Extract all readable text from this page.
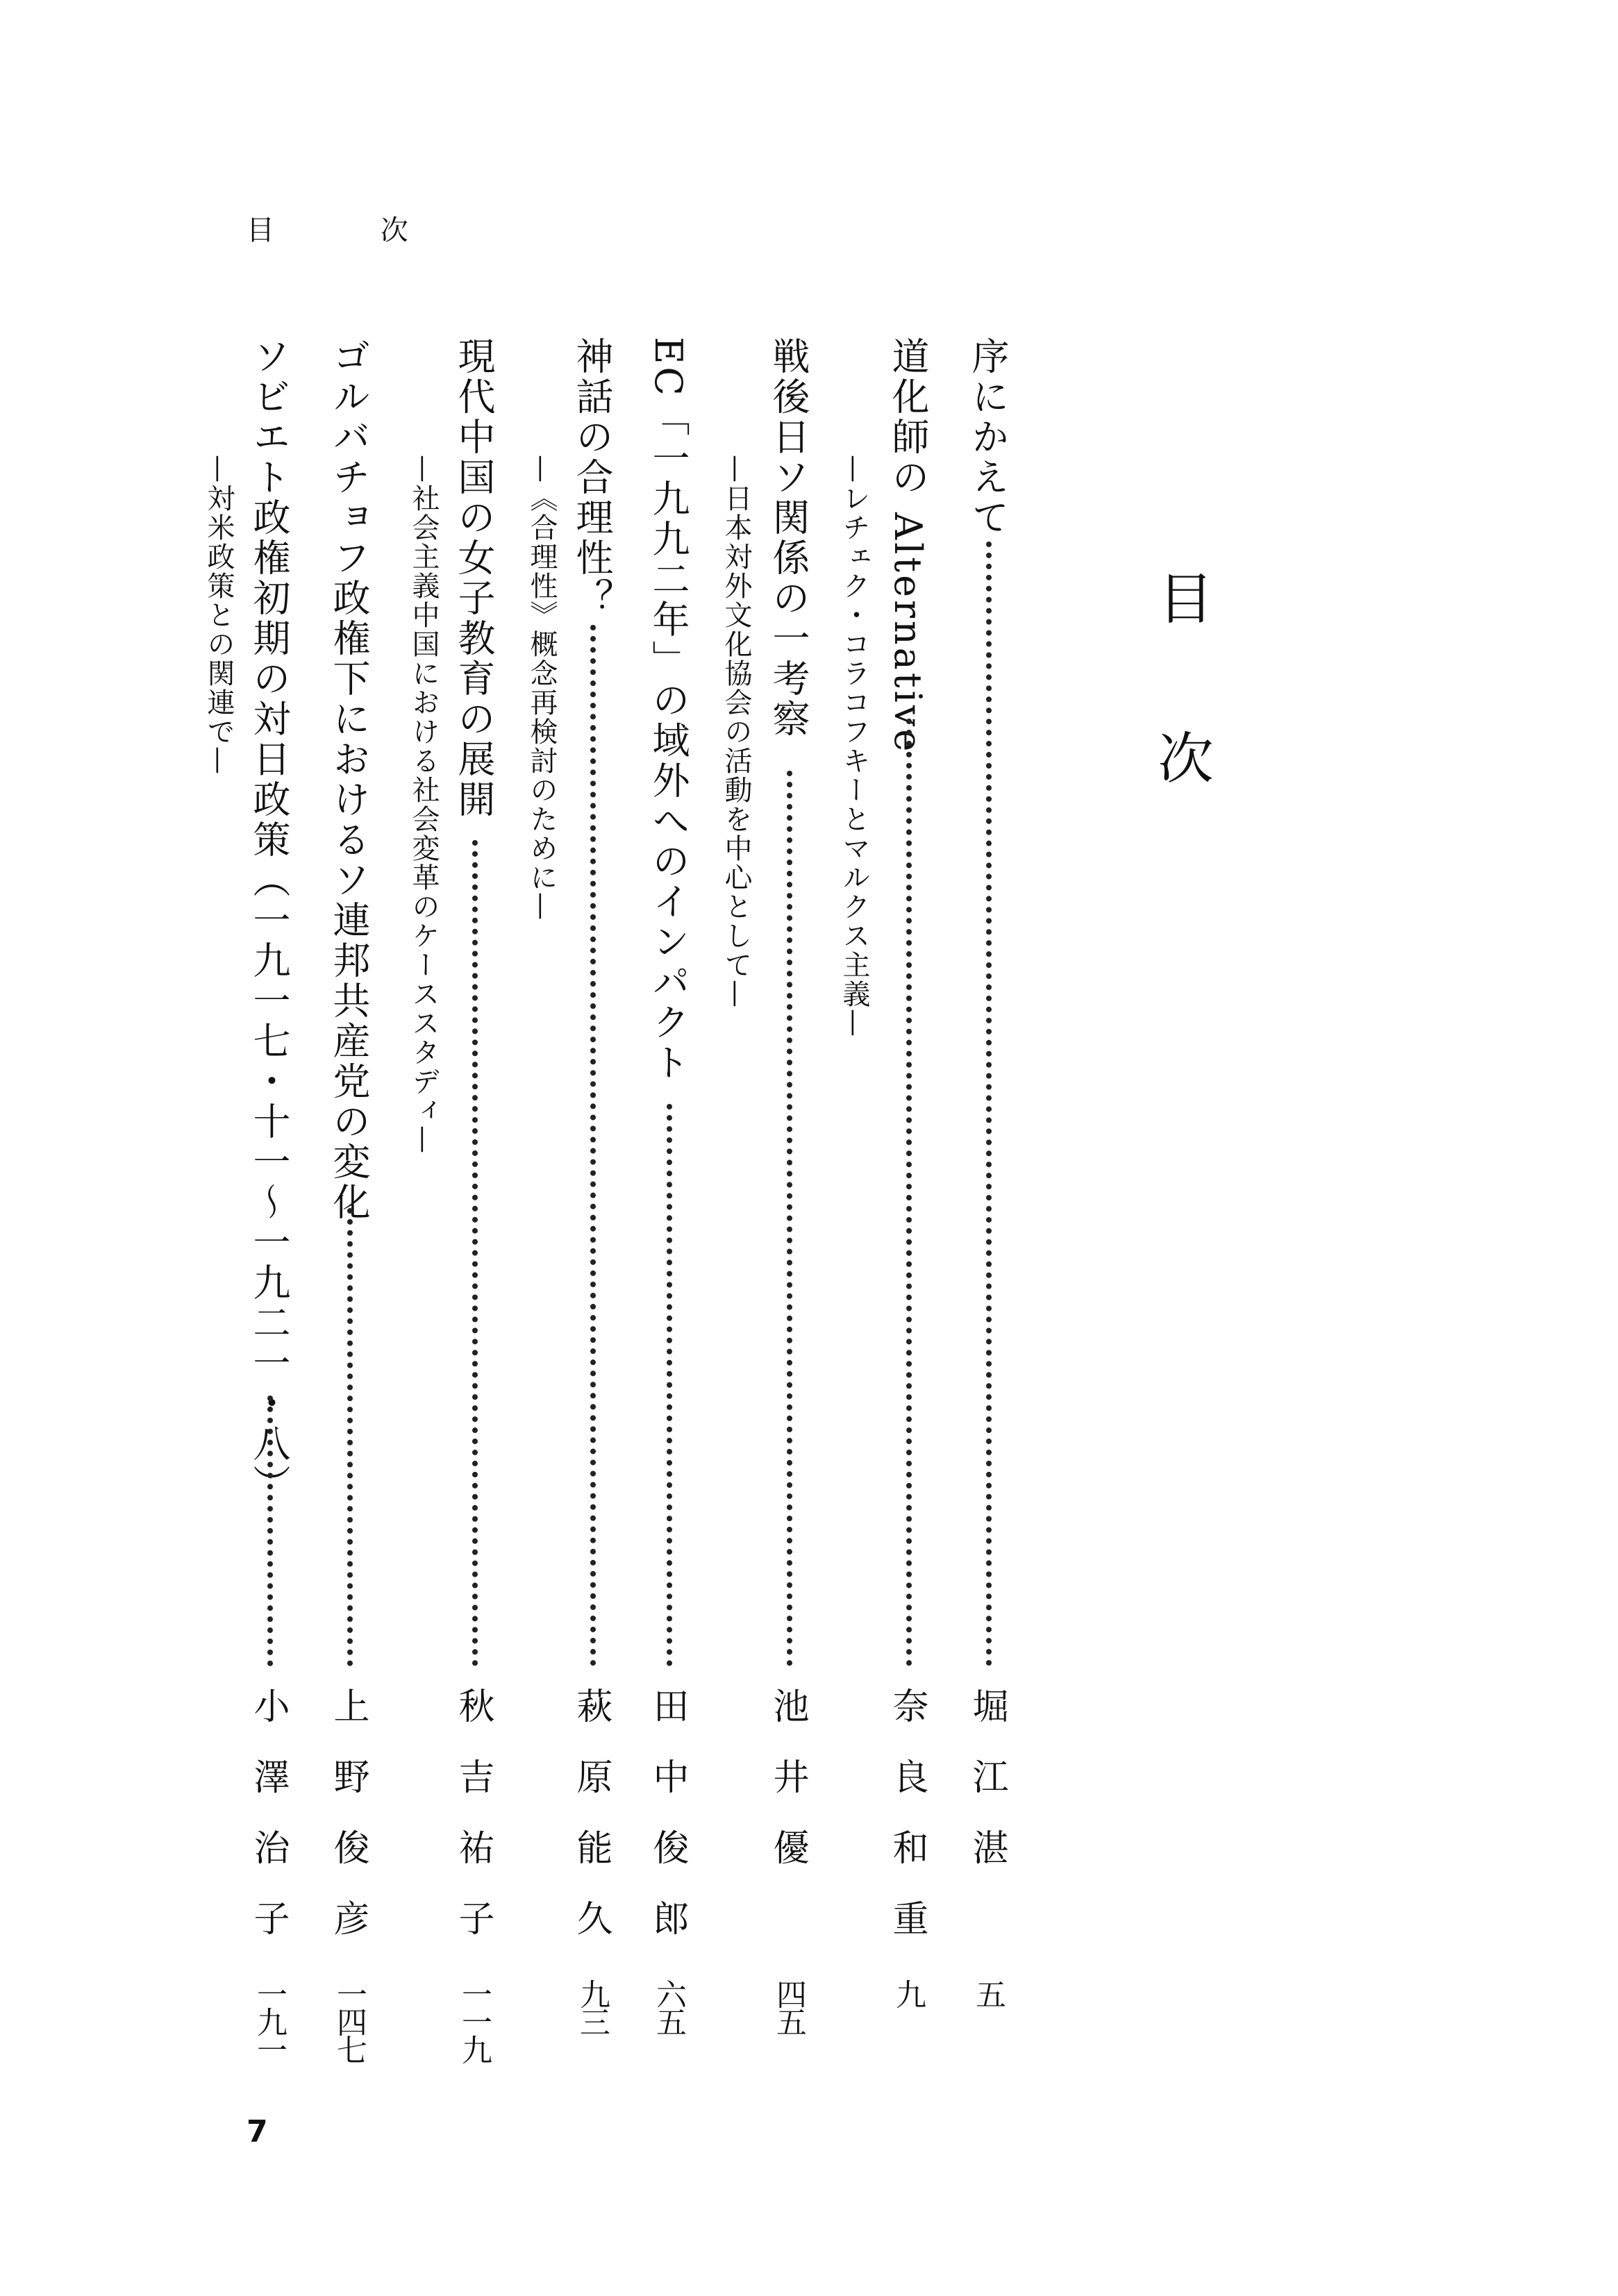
目 次
目次
序にかえて
堀江湛
五
道化師の Alternative
—レチェク・コラコフキーとマルクス主義—
奈良和重
九
戦後日ソ関係の一考察
—日本対外文化協会の活動を中心として—
池井優
四五
EC「一九九二年」の域外へのインパクト
田中俊郎
六五
神話の合理性？
—《合理性》概念再検討のために—
萩原能久
九三
現代中国の女子教育の展開
—社会主義中国における社会変革のケーススタディ—
秋吉祐子
一一九
ゴルバチョフ政権下におけるソ連邦共産党の変化
上野俊彦
一四七
ソビエト政権初期の対日政策（一九一七・十一〜一九二一・八）
—対米政策との関連で—
小澤治子
一九一
7
